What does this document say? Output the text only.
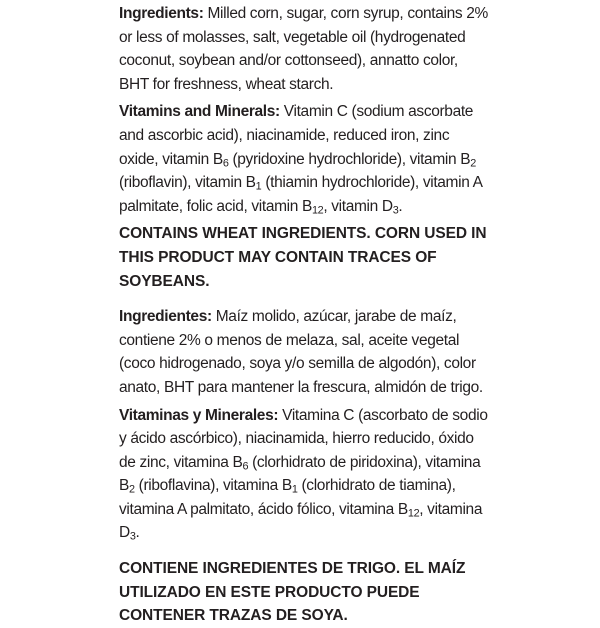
Ingredients: Milled corn, sugar, corn syrup, contains 2% or less of molasses, salt, vegetable oil (hydrogenated coconut, soybean and/or cottonseed), annatto color, BHT for freshness, wheat starch.

Vitamins and Minerals: Vitamin C (sodium ascorbate and ascorbic acid), niacinamide, reduced iron, zinc oxide, vitamin $B_6$ (pyridoxine hydrochloride), vitamin $B_2$ (riboflavin), vitamin $B_1$ (thiamin hydrochloride), vitamin A palmitate, folic acid, vitamin $B_{12}$, vitamin $D_3$.

CONTAINS WHEAT INGREDIENTS. CORN USED IN THIS PRODUCT MAY CONTAIN TRACES OF SOYBEANS.

Ingredientes: Maíz molido, azúcar, jarabe de maíz, contiene 2% o menos de melaza, sal, aceite vegetal (coco hidrogenado, soya y/o semilla de algodón), color anato, BHT para mantener la frescura, almidón de trigo.

Vitaminas y Minerales: Vitamina C (ascorbato de sodio y ácido ascórbico), niacinamida, hierro reducido, óxido de zinc, vitamina $B_6$ (clorhidrato de piridoxina), vitamina $B_2$ (riboflavina), vitamina $B_1$ (clorhidrato de tiamina), vitamina A palmitato, ácido fólico, vitamina $B_{12}$, vitamina $D_3$.

CONTIENE INGREDIENTES DE TRIGO. EL MAÍZ UTILIZADO EN ESTE PRODUCTO PUEDE CONTENER TRAZAS DE SOYA.
